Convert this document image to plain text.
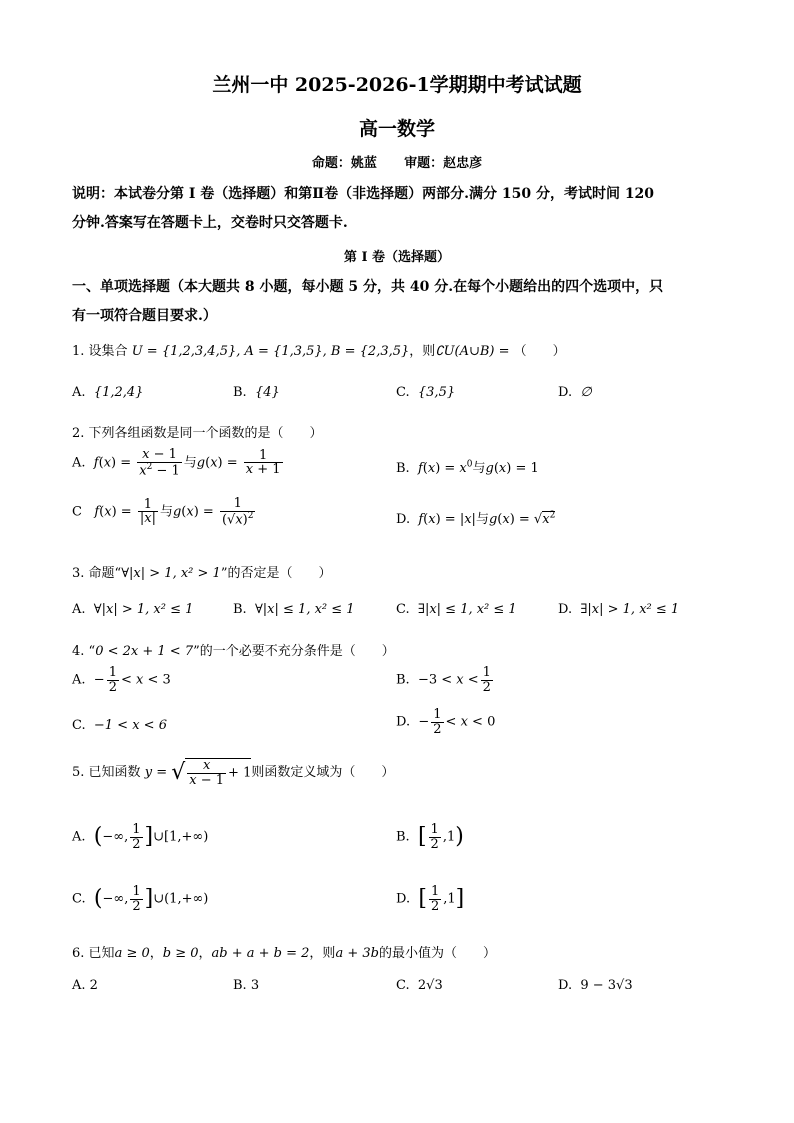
兰州一中 2025-2026-1学期期中考试试题
高一数学
命题：姚蓝      审题：赵忠彦
说明：本试卷分第 I 卷（选择题）和第Ⅱ卷（非选择题）两部分.满分 150 分，考试时间 120
分钟.答案写在答题卡上，交卷时只交答题卡.
第 I 卷（选择题）
一、单项选择题（本大题共 8 小题，每小题 5 分，共 40 分.在每个小题给出的四个选项中，只
有一项符合题目要求.）
1. 设集合 U = {1,2,3,4,5}, A = {1,3,5}, B = {2,3,5}，则∁U(A∪B) = （　　）
A. {1,2,4}	B. {4}	C. {3,5}	D. ∅
2. 下列各组函数是同一个函数的是（　　）
A. $f(x) = \frac{x - 1}{x^2 - 1}$ 与$g(x) = \frac{1}{x + 1}$	B. $f(x) = x^0$与g(x) = 1
C $f(x) = \frac{1}{|x|}$ 与$g(x) = \frac{1}{(√x)^2}$	D. f(x) = |x|与$g(x) = √x^2$
3. 命题“∀|x| > 1, x² > 1”的否定是（　　）
A. ∀|x| > 1, x² ≤ 1	B. ∀|x| ≤ 1, x² ≤ 1	C. ∃|x| ≤ 1, x² ≤ 1	D. ∃|x| > 1, x² ≤ 1
4. “0 < 2x + 1 < 7”的一个必要不充分条件是（　　）
A.  − $\frac{1}{2} < x < 3$	B.  $-3 < x < \frac{1}{2}$
C. −1 < x < 6	D.  − $\frac{1}{2} < x < 0$
5. 已知函数 y = √ $\frac{x}{x - 1} + 1$则函数定义域为（　　）
A. (−∞, $\frac{1}{2}$ ]∪[1,+∞)	B. [ $\frac{1}{2} ,1$)
C. (−∞, $\frac{1}{2}$ ]∪(1,+∞)	D. [ $\frac{1}{2} ,1$]
6. 已知a ≥ 0，b ≥ 0，ab + a + b = 2，则a + 3b的最小值为（　　）
A. 2	B. 3	C. 2√3	D. 9 − 3√3
